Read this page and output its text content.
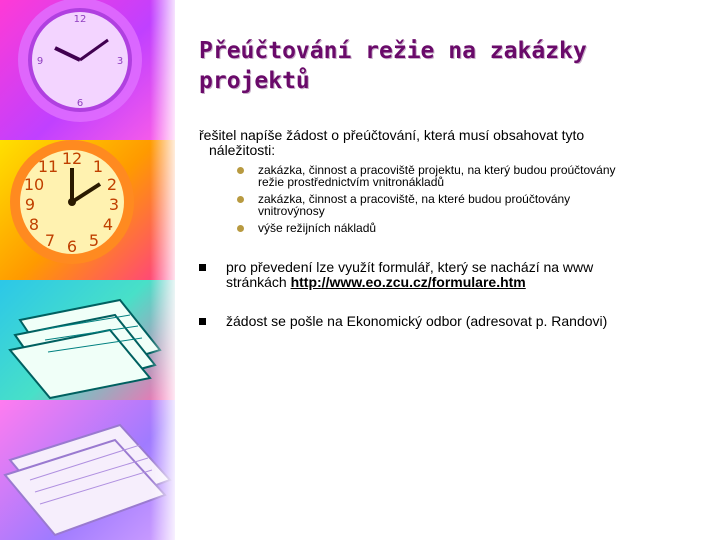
12
3
6
9
12 1
2
3
4
5
6
7
8
9
10
11
Přeúčtování režie na zakázky
projektů

řešitel napíše žádost o přeúčtování, která musí obsahovat tyto
náležitosti:

zakázka, činnost a pracoviště projektu, na který budou proúčtovány
režie prostřednictvím vnitronákladů
zakázka, činnost a pracoviště, na které budou proúčtovány
vnitrovýnosy
výše režijních nákladů
pro převedení lze využít formulář, který se nachází na www
stránkách http://www.eo.zcu.cz/formulare.htm
žádost se pošle na Ekonomický odbor (adresovat p. Randovi)
